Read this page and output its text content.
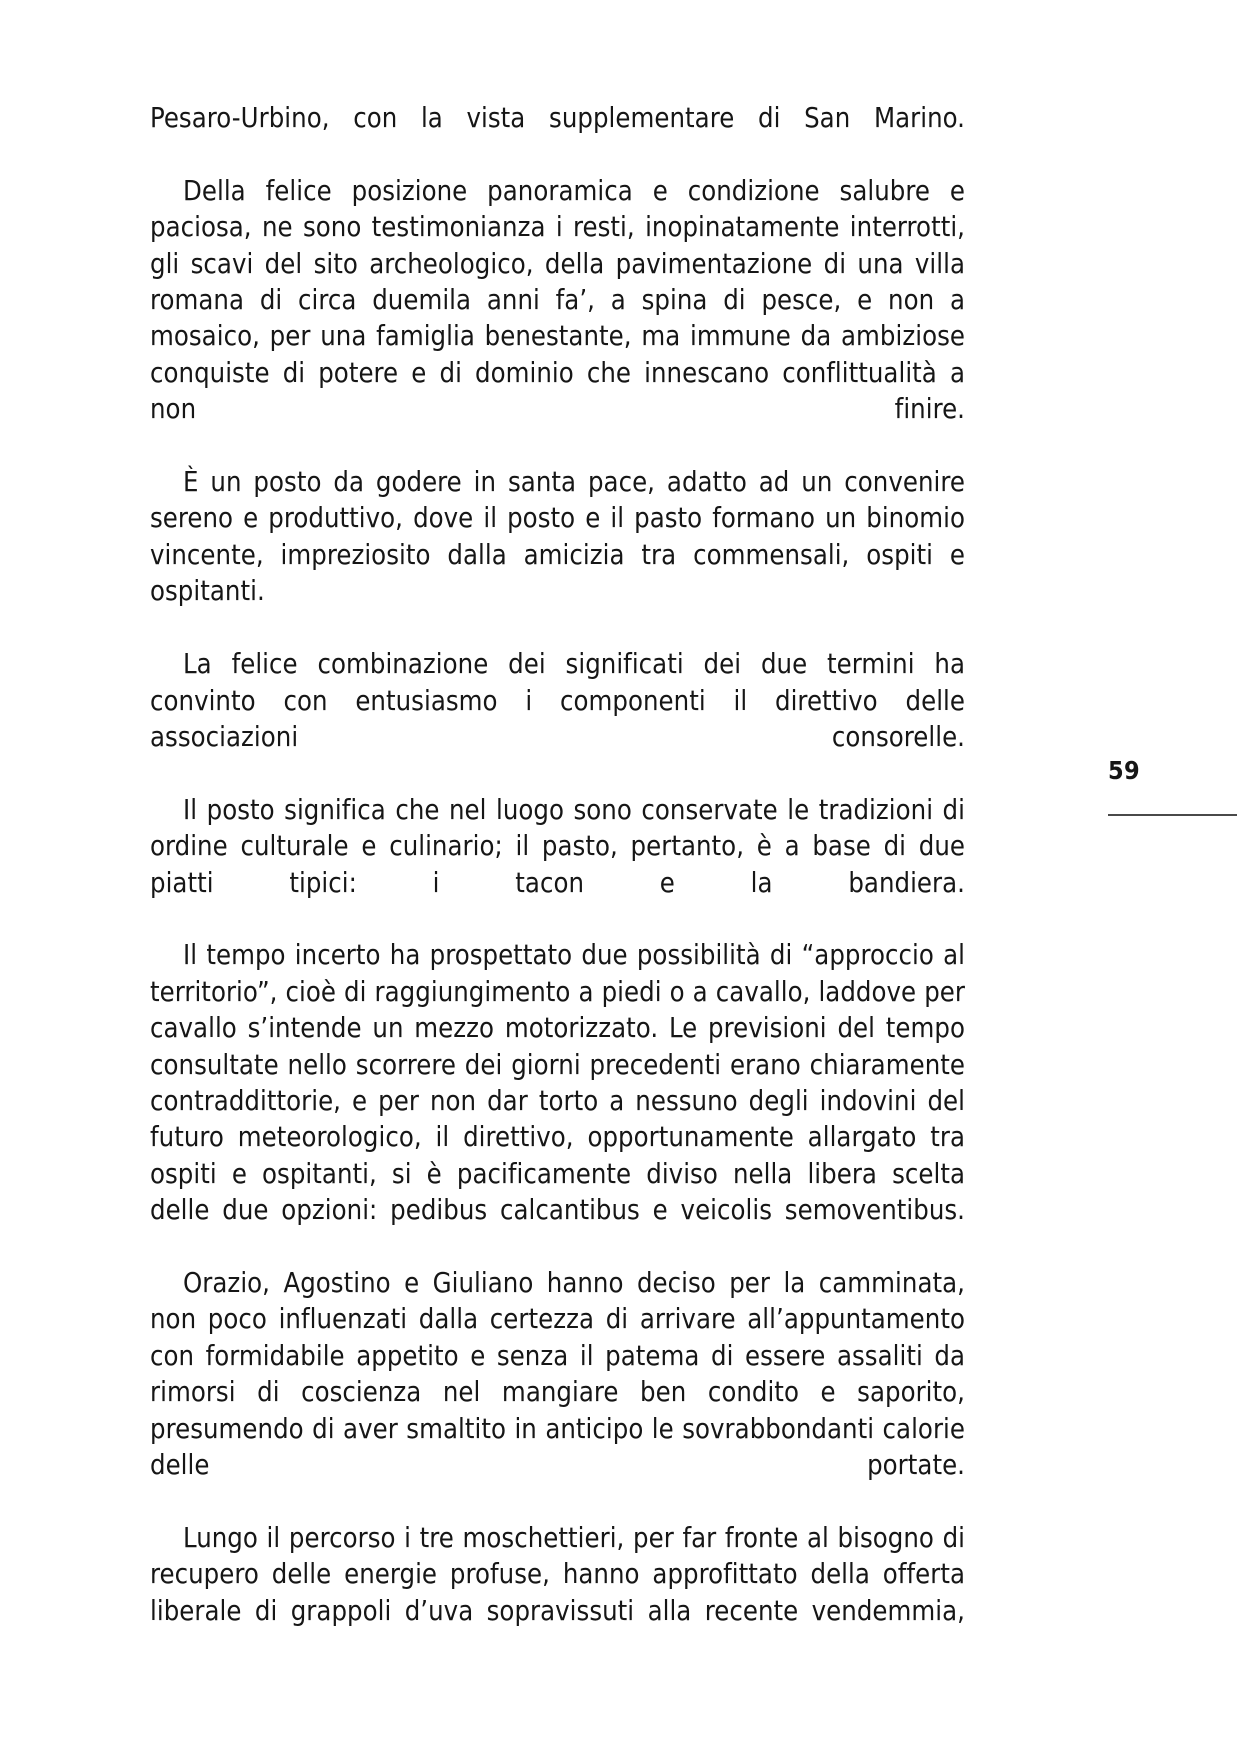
Pesaro-Urbino, con la vista supplementare di San Marino.

Della felice posizione panoramica e condizione salubre e paciosa, ne sono testimonianza i resti, inopinatamente interrotti, gli scavi del sito archeologico, della pavimentazione di una villa romana di circa duemila anni fa’, a spina di pesce, e non a mosaico, per una famiglia benestante, ma immune da ambiziose conquiste di potere e di dominio che innescano conflittualità a non finire.

È un posto da godere in santa pace, adatto ad un convenire sereno e produttivo, dove il posto e il pasto formano un binomio vincente, impreziosito dalla amicizia tra commensali, ospiti e ospitanti.

La felice combinazione dei significati dei due termini ha convinto con entusiasmo i componenti il direttivo delle associazioni consorelle.

Il posto significa che nel luogo sono conservate le tradizioni di ordine culturale e culinario; il pasto, pertanto, è a base di due piatti tipici: i tacon e la bandiera.

Il tempo incerto ha prospettato due possibilità di “approccio al territorio”, cioè di raggiungimento a piedi o a cavallo, laddove per cavallo s’intende un mezzo motorizzato. Le previsioni del tempo consultate nello scorrere dei giorni precedenti erano chiaramente contraddittorie, e per non dar torto a nessuno degli indovini del futuro meteorologico, il direttivo, opportunamente allargato tra ospiti e ospitanti, si è pacificamente diviso nella libera scelta delle due opzioni: pedibus calcantibus e veicolis semoventibus.

Orazio, Agostino e Giuliano hanno deciso per la camminata, non poco influenzati dalla certezza di arrivare all’appuntamento con formidabile appetito e senza il patema di essere assaliti da rimorsi di coscienza nel mangiare ben condito e saporito, presumendo di aver smaltito in anticipo le sovrabbondanti calorie delle portate.

Lungo il percorso i tre moschettieri, per far fronte al bisogno di recupero delle energie profuse, hanno approfittato della offerta liberale di grappoli d’uva sopravissuti alla recente vendemmia,

59
